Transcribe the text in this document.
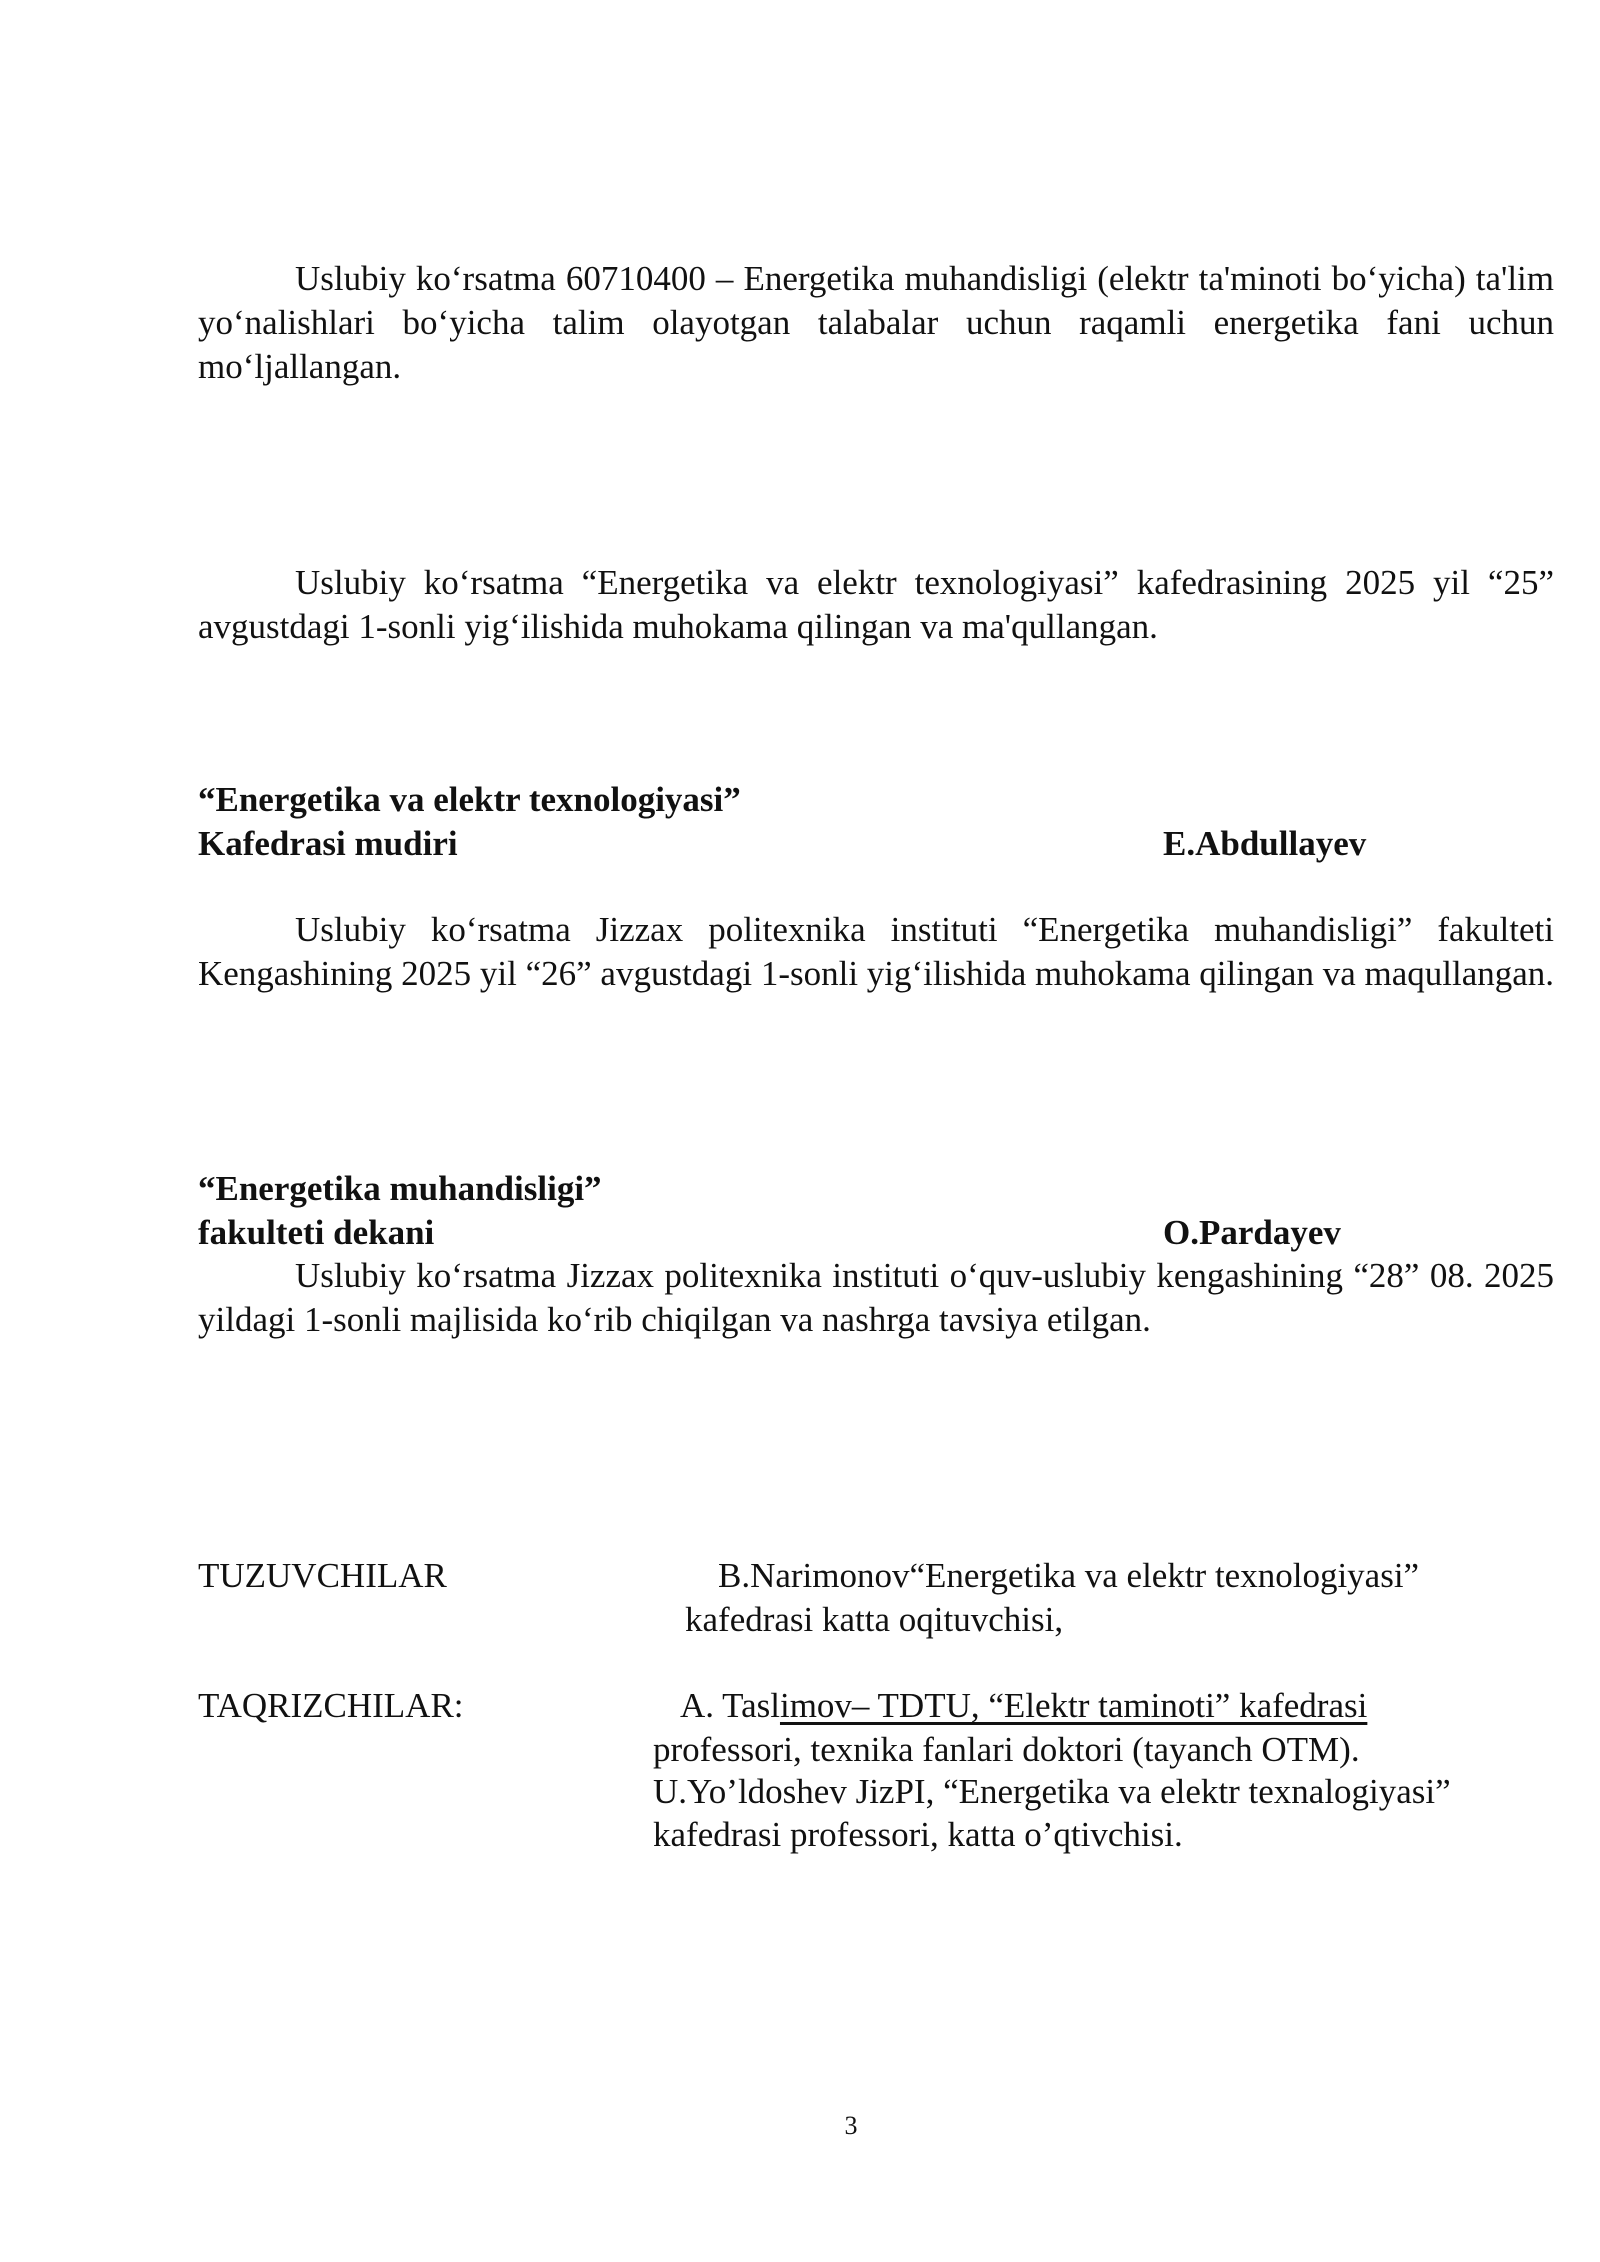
Uslubiy ko‘rsatma 60710400 – Energetika muhandisligi (elektr ta'minoti bo‘yicha) ta'lim yo‘nalishlari bo‘yicha talim olayotgan talabalar uchun raqamli energetika fani uchun mo‘ljallangan.

Uslubiy ko‘rsatma “Energetika va elektr texnologiyasi” kafedrasining 2025 yil “25” avgustdagi 1-sonli yig‘ilishida muhokama qilingan va ma'qullangan.

“Energetika va elektr texnologiyasi”
Kafedrasi mudiri	E.Abdullayev

Uslubiy ko‘rsatma Jizzax politexnika instituti “Energetika muhandisligi” fakulteti Kengashining 2025 yil “26” avgustdagi 1-sonli yig‘ilishida muhokama qilingan va maqullangan.

“Energetika muhandisligi”
fakulteti dekani	O.Pardayev

Uslubiy ko‘rsatma Jizzax politexnika instituti o‘quv-uslubiy kengashining “28” 08. 2025 yildagi 1-sonli majlisida ko‘rib chiqilgan va nashrga tavsiya etilgan.

TUZUVCHILAR	B.Narimonov“Energetika va elektr texnologiyasi”
kafedrasi katta oqituvchisi,
TAQRIZCHILAR:	A. Taslimov– TDTU, “Elektr taminoti” kafedrasi
professori, texnika fanlari doktori (tayanch OTM).
U.Yo’ldoshev JizPI, “Energetika va elektr texnalogiyasi”
kafedrasi professori, katta o’qtivchisi.
3
